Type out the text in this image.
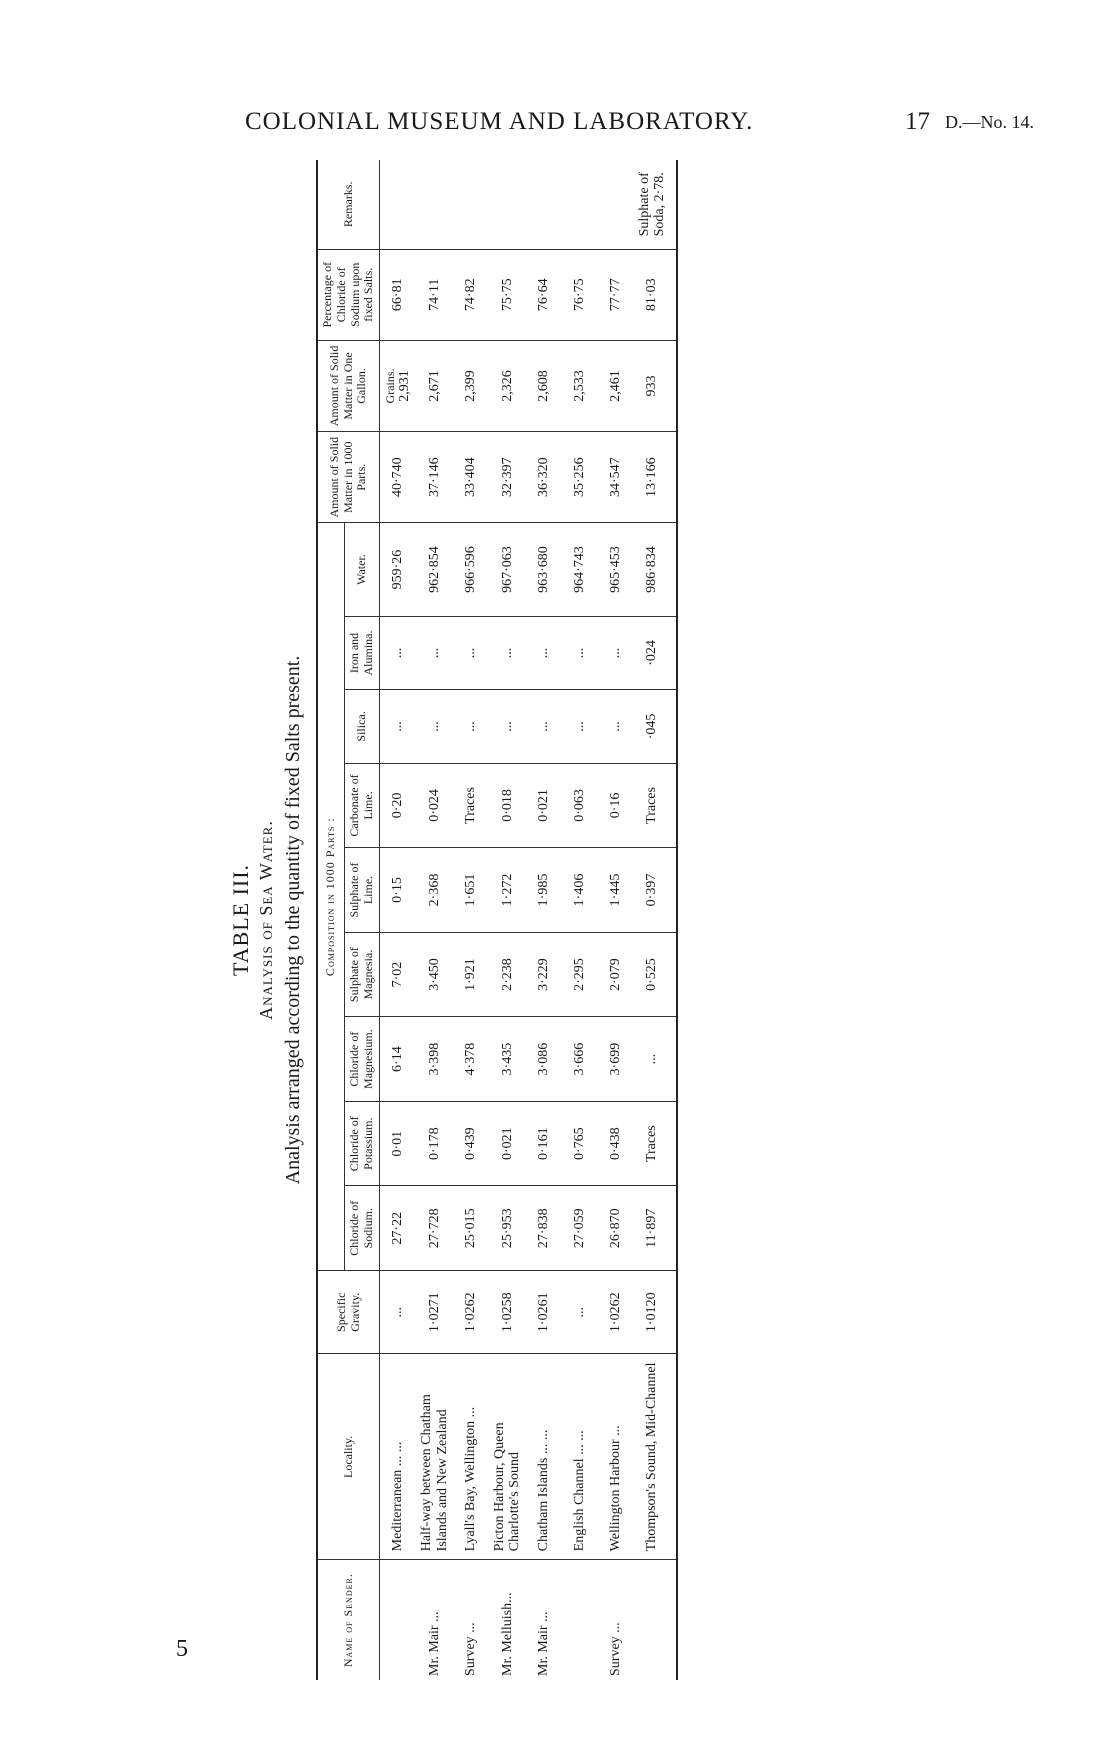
COLONIAL MUSEUM AND LABORATORY.	17 D.—No. 14.
5
TABLE III. Analysis of Sea Water. Analysis arranged according to the quantity of fixed Salts present.
Name of Sender.	Locality.	Specific Gravity.	Composition in 1000 Parts :									Amount of Solid Matter in 1000 Parts.	Amount of Solid Matter in One Gallon.	Percentage of Chloride of Sodium upon fixed Salts.	Remarks.
			Chloride of Sodium.	Chloride of Potassium.	Chloride of Magnesium.	Sulphate of Magnesia.	Sulphate of Lime.	Carbonate of Lime.	Silica.	Iron and Alumina.	Water.				
	Mediterranean ... ...	...	27·22	0·01	6·14	7·02	0·15	0·20	...	...	959·26	40·740	Grains. 2,931	66·81	
Mr. Mair ...	Half-way between Chatham Islands and New Zealand	1·0271	27·728	0·178	3·398	3·450	2·368	0·024	...	...	962·854	37·146	2,671	74·11	
Survey ...	Lyall's Bay, Wellington ...	1·0262	25·015	0·439	4·378	1·921	1·651	Traces	...	...	966·596	33·404	2,399	74·82	
Mr. Melluish...	Picton Harbour, Queen Charlotte's Sound	1·0258	25·953	0·021	3·435	2·238	1·272	0·018	...	...	967·063	32·397	2,326	75·75	
Mr. Mair ...	Chatham Islands ... ...	1·0261	27·838	0·161	3·086	3·229	1·985	0·021	...	...	963·680	36·320	2,608	76·64	
	English Channel ... ...	...	27·059	0·765	3·666	2·295	1·406	0·063	...	...	964·743	35·256	2,533	76·75	
Survey ...	Wellington Harbour ...	1·0262	26·870	0·438	3·699	2·079	1·445	0·16	...	...	965·453	34·547	2,461	77·77	
	Thompson's Sound, Mid-Channel	1·0120	11·897	Traces	...	0·525	0·397	Traces	·045	·024	986·834	13·166	933	81·03	Sulphate of Soda, 2·78.
